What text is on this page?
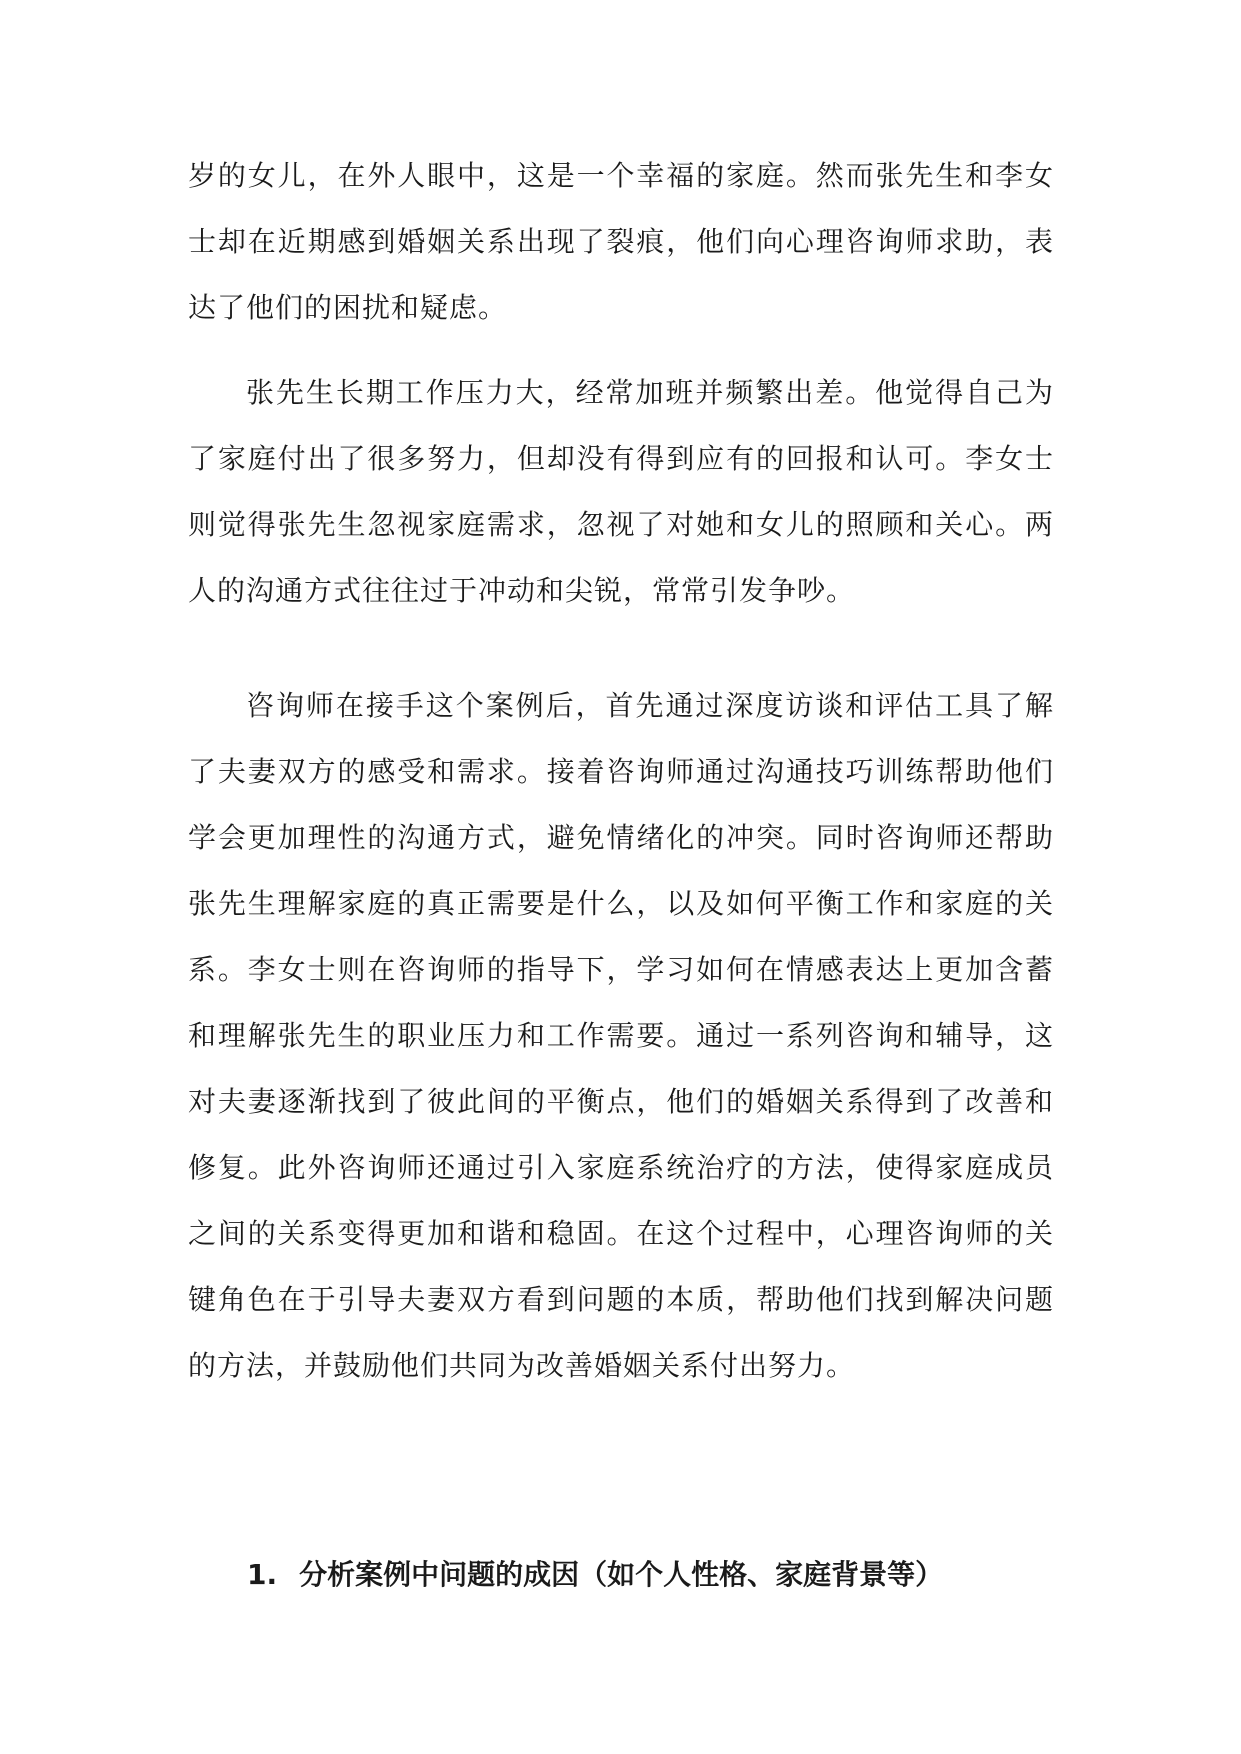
岁的女儿，在外人眼中，这是一个幸福的家庭。然而张先生和李女士却在近期感到婚姻关系出现了裂痕，他们向心理咨询师求助，表达了他们的困扰和疑虑。

张先生长期工作压力大，经常加班并频繁出差。他觉得自己为了家庭付出了很多努力，但却没有得到应有的回报和认可。李女士则觉得张先生忽视家庭需求，忽视了对她和女儿的照顾和关心。两人的沟通方式往往过于冲动和尖锐，常常引发争吵。

咨询师在接手这个案例后，首先通过深度访谈和评估工具了解了夫妻双方的感受和需求。接着咨询师通过沟通技巧训练帮助他们学会更加理性的沟通方式，避免情绪化的冲突。同时咨询师还帮助张先生理解家庭的真正需要是什么，以及如何平衡工作和家庭的关系。李女士则在咨询师的指导下，学习如何在情感表达上更加含蓄和理解张先生的职业压力和工作需要。通过一系列咨询和辅导，这对夫妻逐渐找到了彼此间的平衡点，他们的婚姻关系得到了改善和修复。此外咨询师还通过引入家庭系统治疗的方法，使得家庭成员之间的关系变得更加和谐和稳固。在这个过程中，心理咨询师的关键角色在于引导夫妻双方看到问题的本质，帮助他们找到解决问题的方法，并鼓励他们共同为改善婚姻关系付出努力。

1. 分析案例中问题的成因（如个人性格、家庭背景等）
